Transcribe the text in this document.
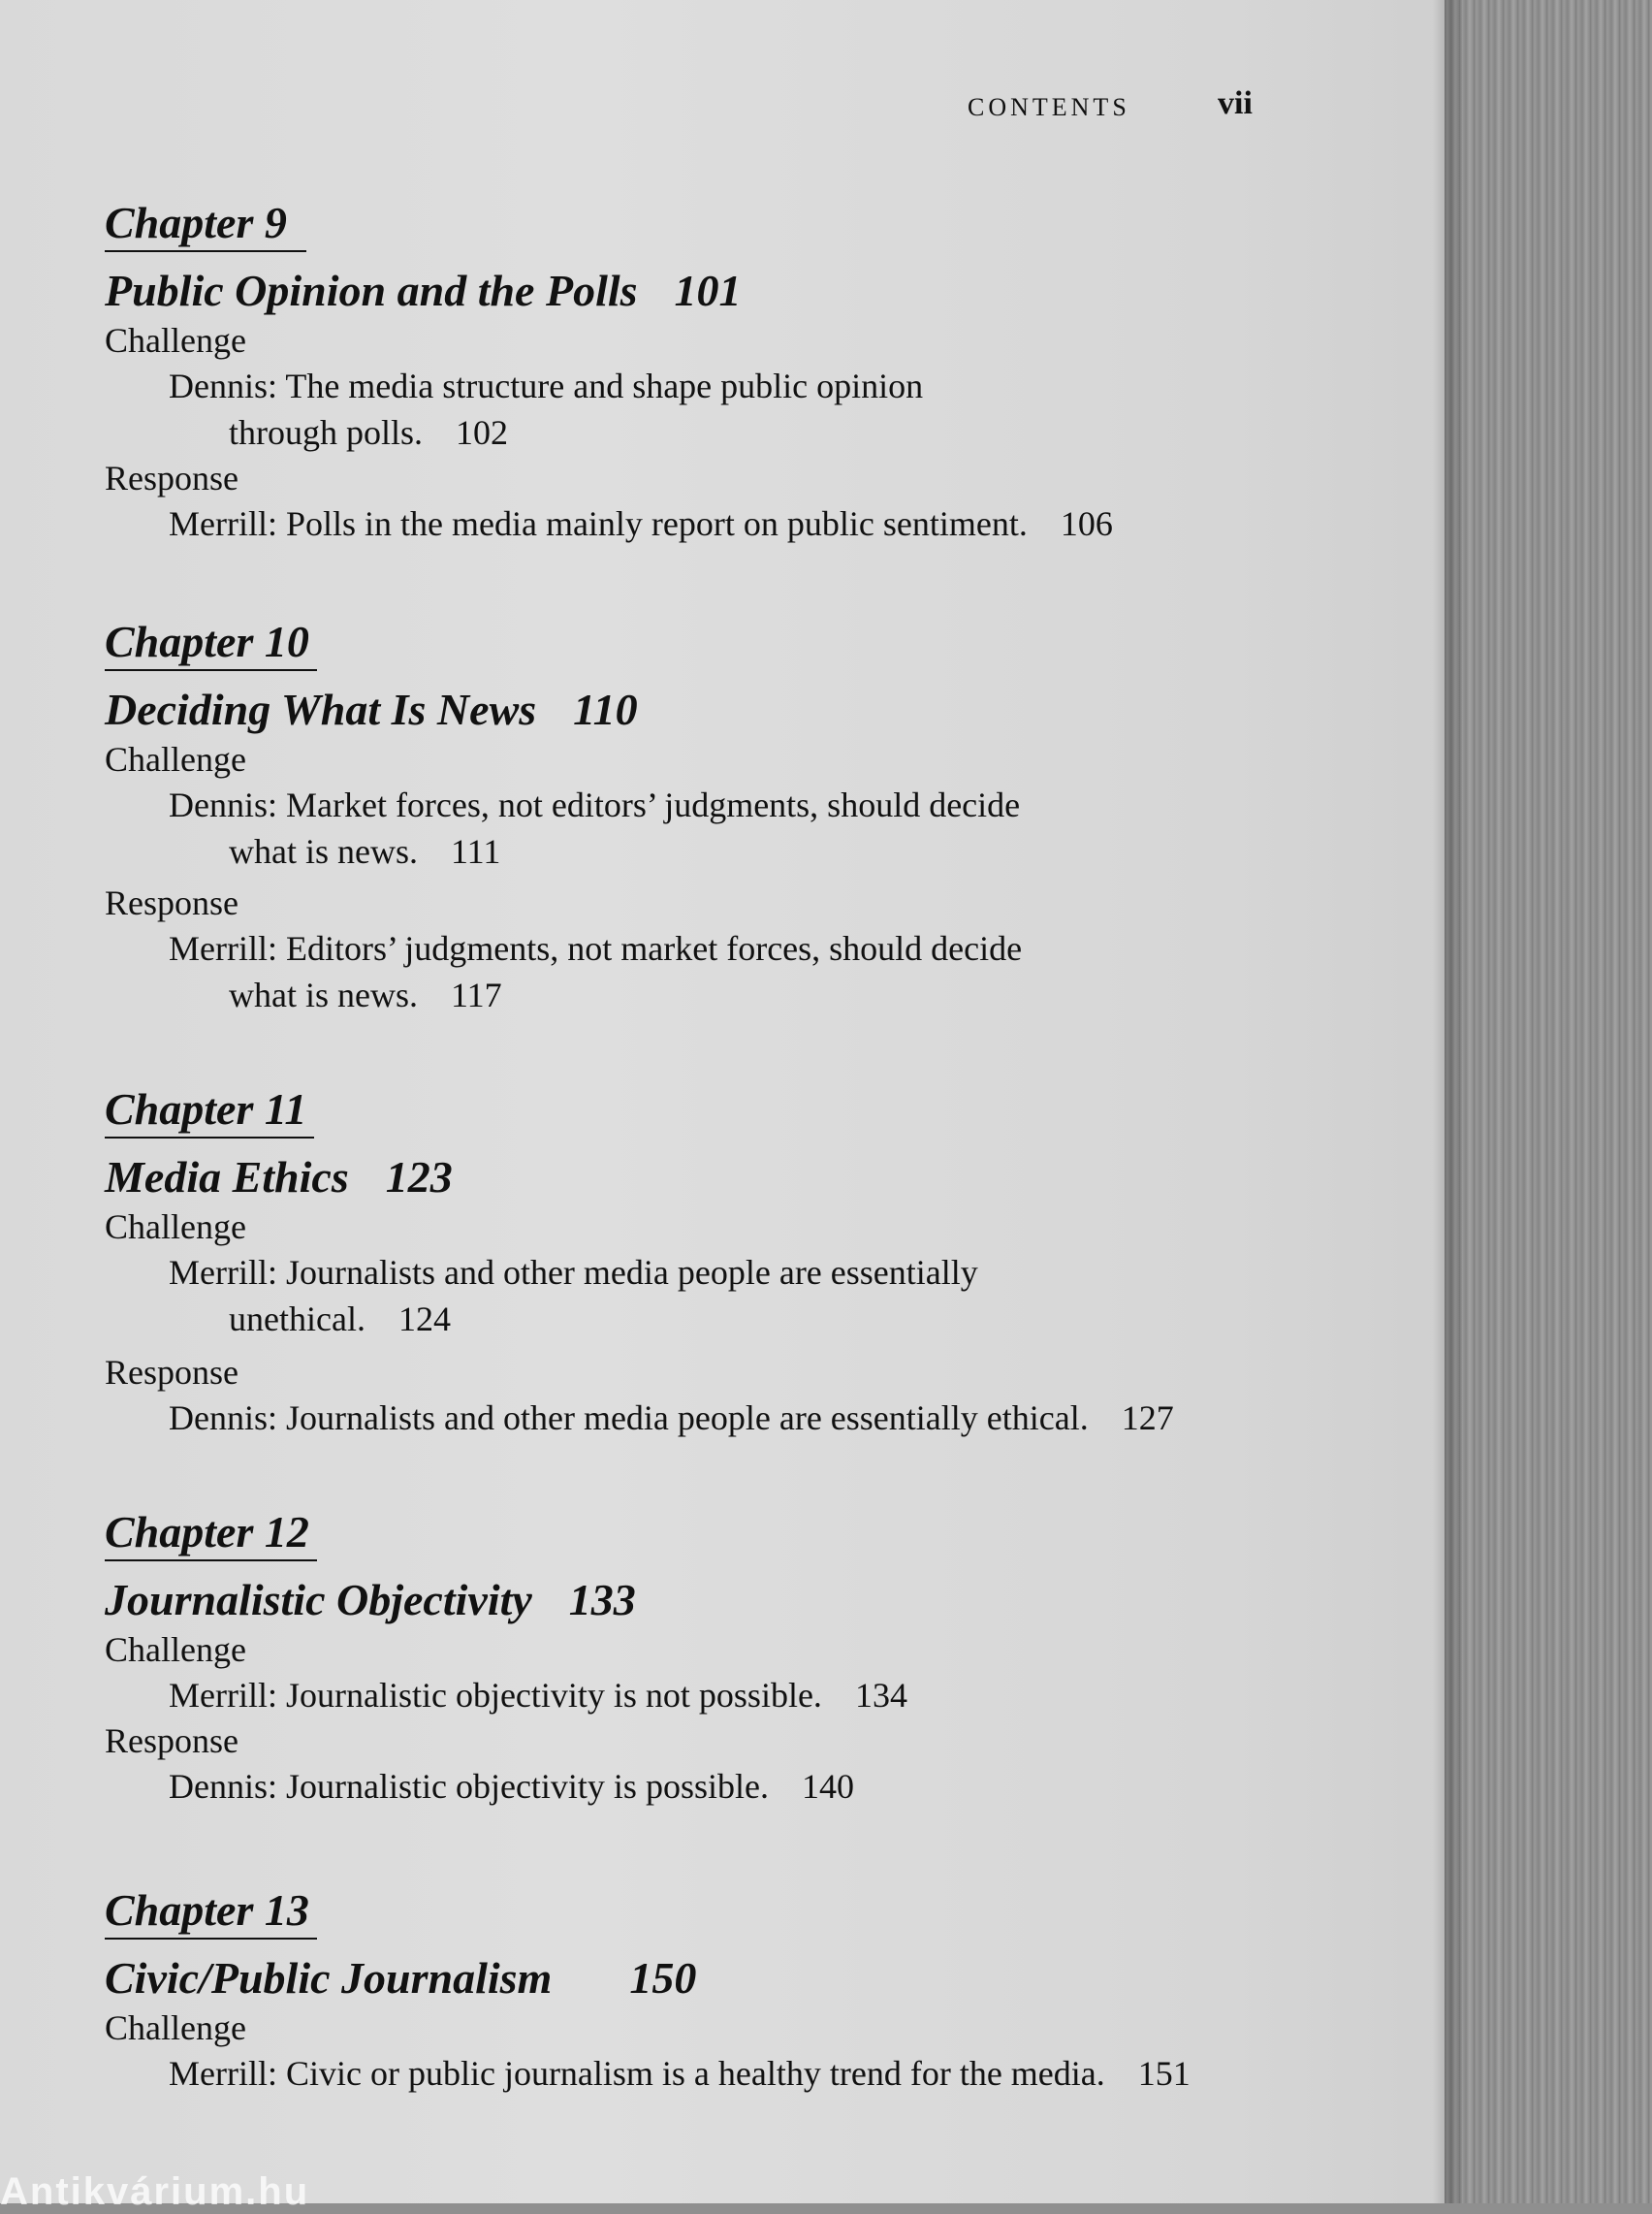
CONTENTS	vii
Chapter 9
Public Opinion and the Polls 101
Challenge
Dennis: The media structure and shape public opinion
through polls. 102
Response
Merrill: Polls in the media mainly report on public sentiment. 106
Chapter 10
Deciding What Is News 110
Challenge
Dennis: Market forces, not editors’ judgments, should decide
what is news. 111
Response
Merrill: Editors’ judgments, not market forces, should decide
what is news. 117
Chapter 11
Media Ethics 123
Challenge
Merrill: Journalists and other media people are essentially
unethical. 124
Response
Dennis: Journalists and other media people are essentially ethical. 127
Chapter 12
Journalistic Objectivity 133
Challenge
Merrill: Journalistic objectivity is not possible. 134
Response
Dennis: Journalistic objectivity is possible. 140
Chapter 13
Civic/Public Journalism 150
Challenge
Merrill: Civic or public journalism is a healthy trend for the media. 151
Antikvárium.hu
